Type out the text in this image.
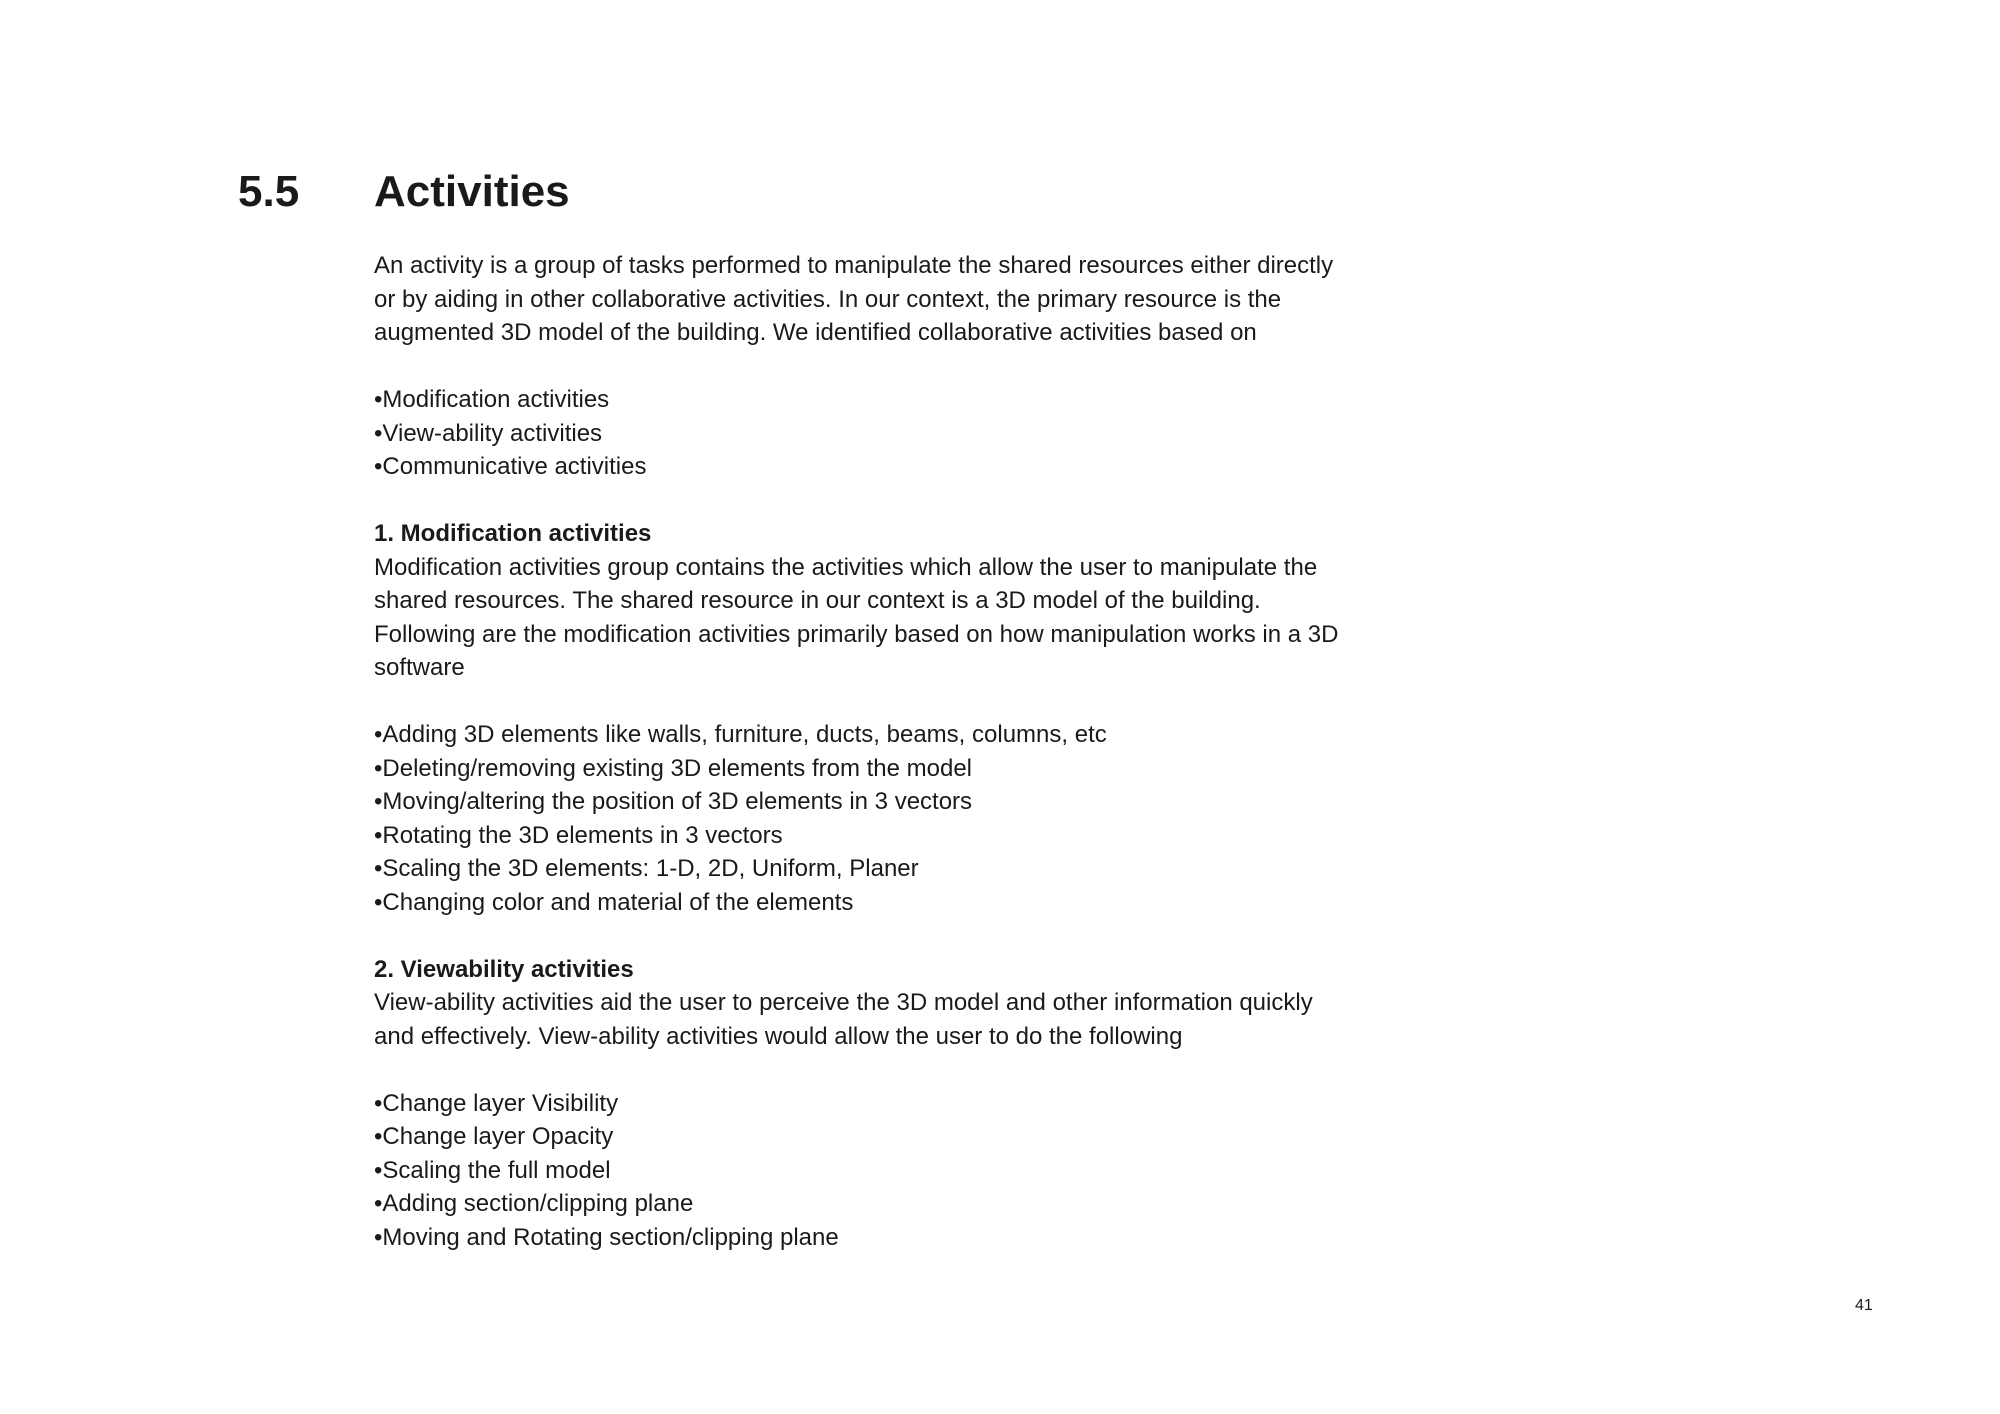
5.5 Activities

An activity is a group of tasks performed to manipulate the shared resources either directly or by aiding in other collaborative activities. In our context, the primary resource is the augmented 3D model of the building. We identified collaborative activities based on

• Modification activities
• View-ability activities
• Communicative activities
1. Modification activities

Modification activities group contains the activities which allow the user to manipulate the shared resources. The shared resource in our context is a 3D model of the building. Following are the modification activities primarily based on how manipulation works in a 3D software

• Adding 3D elements like walls, furniture, ducts, beams, columns, etc
• Deleting/removing existing 3D elements from the model
• Moving/altering the position of 3D elements in 3 vectors
• Rotating the 3D elements in 3 vectors
• Scaling the 3D elements: 1-D, 2D, Uniform, Planer
• Changing color and material of the elements
2. Viewability activities

View-ability activities aid the user to perceive the 3D model and other information quickly and effectively. View-ability activities would allow the user to do the following

• Change layer Visibility
• Change layer Opacity
• Scaling the full model
• Adding section/clipping plane
• Moving and Rotating section/clipping plane
41
